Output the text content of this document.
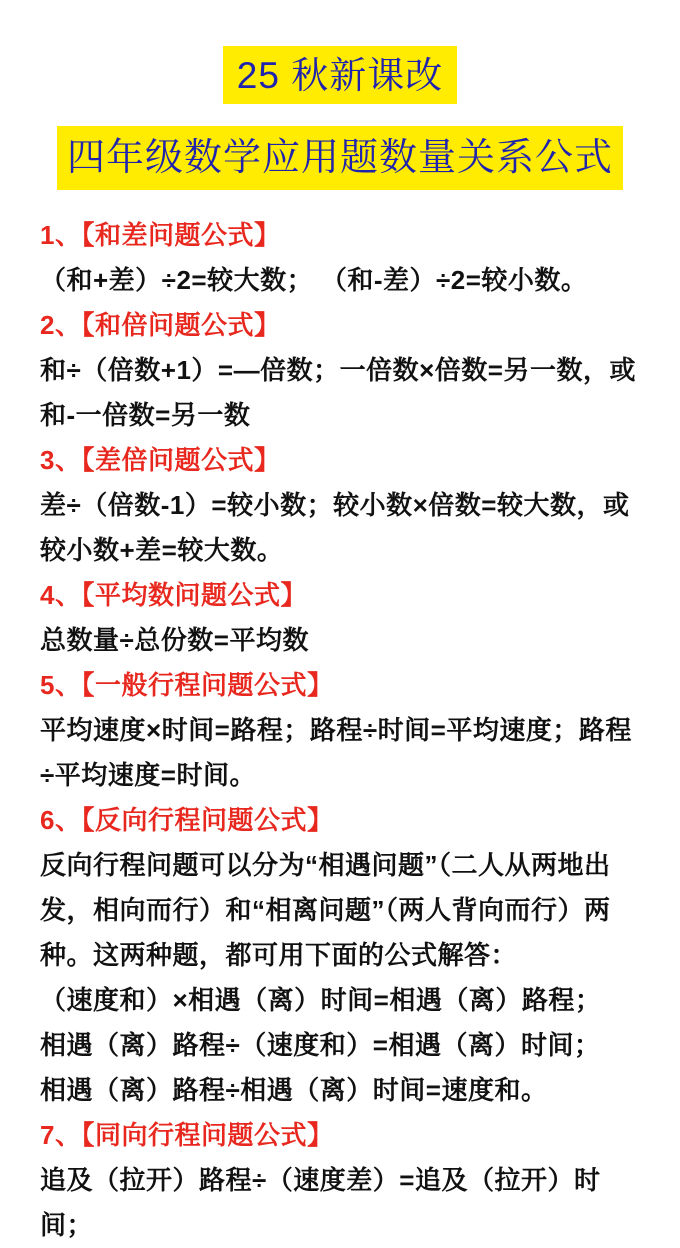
25 秋新课改
四年级数学应用题数量关系公式
1、【和差问题公式】
（和+差）÷2=较大数； （和-差）÷2=较小数。
2、【和倍问题公式】
和÷（倍数+1）=—倍数；一倍数×倍数=另一数，或和-一倍数=另一数
3、【差倍问题公式】
差÷（倍数-1）=较小数；较小数×倍数=较大数，或较小数+差=较大数。
4、【平均数问题公式】
总数量÷总份数=平均数
5、【一般行程问题公式】
平均速度×时间=路程；路程÷时间=平均速度；路程÷平均速度=时间。
6、【反向行程问题公式】
反向行程问题可以分为“相遇问题”（二人从两地出发，相向而行）和“相离问题”（两人背向而行）两种。这两种题，都可用下面的公式解答：
（速度和）×相遇（离）时间=相遇（离）路程；
相遇（离）路程÷（速度和）=相遇（离）时间；
相遇（离）路程÷相遇（离）时间=速度和。
7、【同向行程问题公式】
追及（拉开）路程÷（速度差）=追及（拉开）时间；
